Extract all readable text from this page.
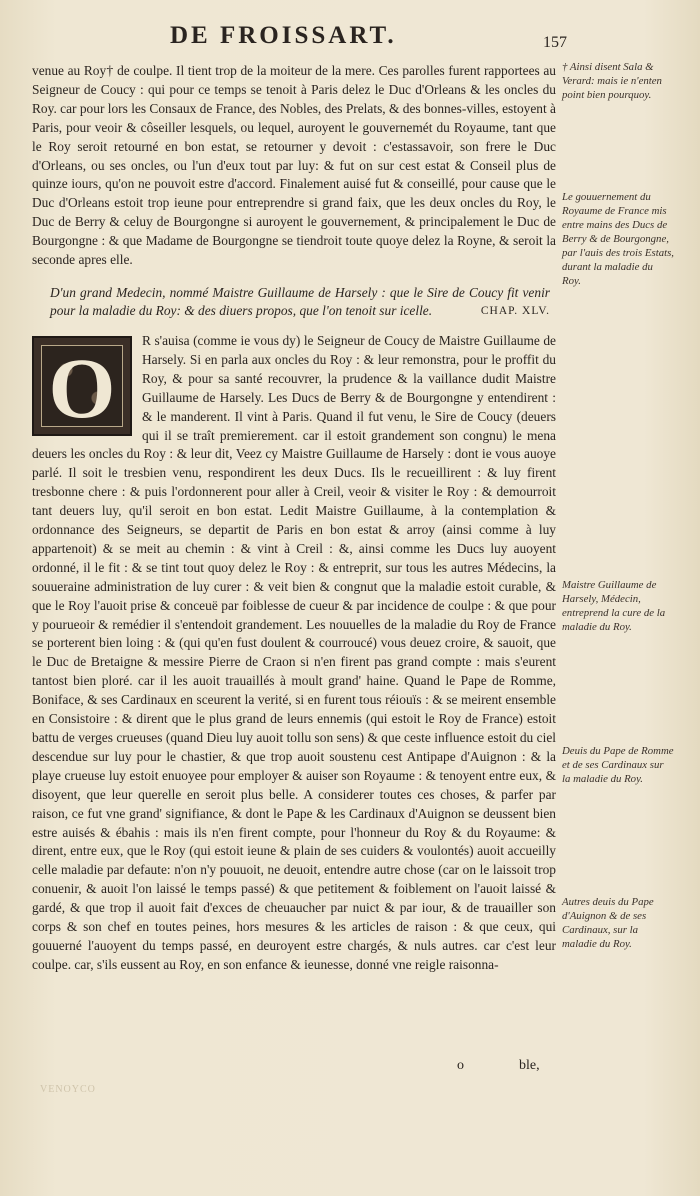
DE FROISSART.	157

venue au Roy† de coulpe. Il tient trop de la moiteur de la mere. Ces parolles furent rapportees au Seigneur de Coucy : qui pour ce temps se tenoit à Paris delez le Duc d'Orleans & les oncles du Roy. car pour lors les Consaux de France, des Nobles, des Prelats, & des bonnes-villes, estoyent à Paris, pour veoir & côseiller lesquels, ou lequel, auroyent le gouvernemét du Royaume, tant que le Roy seroit retourné en bon estat, se retourner y devoit : c'estassavoir, son frere le Duc d'Orleans, ou ses oncles, ou l'un d'eux tout par luy: & fut on sur cest estat & Conseil plus de quinze iours, qu'on ne pouvoit estre d'accord. Finalement auisé fut & conseillé, pour cause que le Duc d'Orleans estoit trop ieune pour entreprendre si grand faix, que les deux oncles du Roy, le Duc de Berry & celuy de Bourgongne si auroyent le gouvernement, & principalement le Duc de Bourgongne : & que Madame de Bourgongne se tiendroit toute quoye delez la Royne, & seroit la seconde apres elle.

D'un grand Medecin, nommé Maistre Guillaume de Harsely : que le Sire de Coucy fit venir pour la maladie du Roy: & des diuers propos, que l'on tenoit sur icelle.	CHAP. XLV.
O	R s'auisa (comme ie vous dy) le Seigneur de Coucy de Maistre Guillaume de Harsely. Si en parla aux oncles du Roy : & leur remonstra, pour le proffit du Roy, & pour sa santé recouvrer, la prudence & la vaillance dudit Maistre Guillaume de Harsely. Les Ducs de Berry & de Bourgongne y entendirent : & le manderent. Il vint à Paris. Quand il fut venu, le Sire de Coucy (deuers qui il se traît premierement. car il estoit grandement son congnu) le mena deuers les oncles du Roy : & leur dit, Veez cy Maistre Guillaume de Harsely : dont ie vous auoye parlé. Il soit le tresbien venu, respondirent les deux Ducs. Ils le recueillirent : & luy firent tresbonne chere : & puis l'ordonnerent pour aller à Creil, veoir & visiter le Roy : & demourroit tant deuers luy, qu'il seroit en bon estat. Ledit Maistre Guillaume, à la contemplation & ordonnance des Seigneurs, se departit de Paris en bon estat & arroy (ainsi comme à luy appartenoit) & se meit au chemin : & vint à Creil : &, ainsi comme les Ducs luy auoyent ordonné, il le fit : & se tint tout quoy delez le Roy : & entreprit, sur tous les autres Médecins, la souueraine administration de luy curer : & veit bien & congnut que la maladie estoit curable, & que le Roy l'auoit prise & conceuë par foiblesse de cueur & par incidence de coulpe : & que pour y pourueoir & remédier il s'entendoit grandement. Les nouuelles de la maladie du Roy de France se porterent bien loing : & (qui qu'en fust doulent & courroucé) vous deuez croire, & sauoit, que le Duc de Bretaigne & messire Pierre de Craon si n'en firent pas grand compte : mais s'eurent tantost bien ploré. car il les auoit trauaillés à moult grand' haine. Quand le Pape de Romme, Boniface, & ses Cardinaux en sceurent la verité, si en furent tous réiouïs : & se meirent ensemble en Consistoire : & dirent que le plus grand de leurs ennemis (qui estoit le Roy de France) estoit battu de verges crueuses (quand Dieu luy auoit tollu son sens) & que ceste influence estoit du ciel descendue sur luy pour le chastier, & que trop auoit soustenu cest Antipape d'Auignon : & la playe crueuse luy estoit enuoyee pour employer & auiser son Royaume : & tenoyent entre eux, & disoyent, que leur querelle en seroit plus belle. A considerer toutes ces choses, & parfer par raison, ce fut vne grand' signifiance, & dont le Pape & les Cardinaux d'Auignon se deussent bien estre auisés & ébahis : mais ils n'en firent compte, pour l'honneur du Roy & du Royaume: & dirent, entre eux, que le Roy (qui estoit ieune & plain de ses cuiders & voulontés) auoit accueilly celle maladie par defaute: n'on n'y pouuoit, ne deuoit, entendre autre chose (car on le laissoit trop conuenir, & auoit l'on laissé le temps passé) & que petitement & foiblement on l'auoit laissé & gardé, & que trop il auoit fait d'exces de cheuaucher par nuict & par iour, & de trauailler son corps & son chef en toutes peines, hors mesures & les articles de raison : & que ceux, qui gouuerné l'auoyent du temps passé, en deuroyent estre chargés, & nuls autres. car c'est leur coulpe. car, s'ils eussent au Roy, en son enfance & ieunesse, donné vne reigle raisonna-

o	ble,
VENOYCO
† Ainsi disent Sala & Verard: mais ie n'enten point bien pourquoy.
Le gouuernement du Royaume de France mis entre mains des Ducs de Berry & de Bourgongne, par l'auis des trois Estats, durant la maladie du Roy.
Maistre Guillaume de Harsely, Médecin, entreprend la cure de la maladie du Roy.
Deuis du Pape de Romme et de ses Cardinaux sur la maladie du Roy.
Autres deuis du Pape d'Auignon & de ses Cardinaux, sur la maladie du Roy.
